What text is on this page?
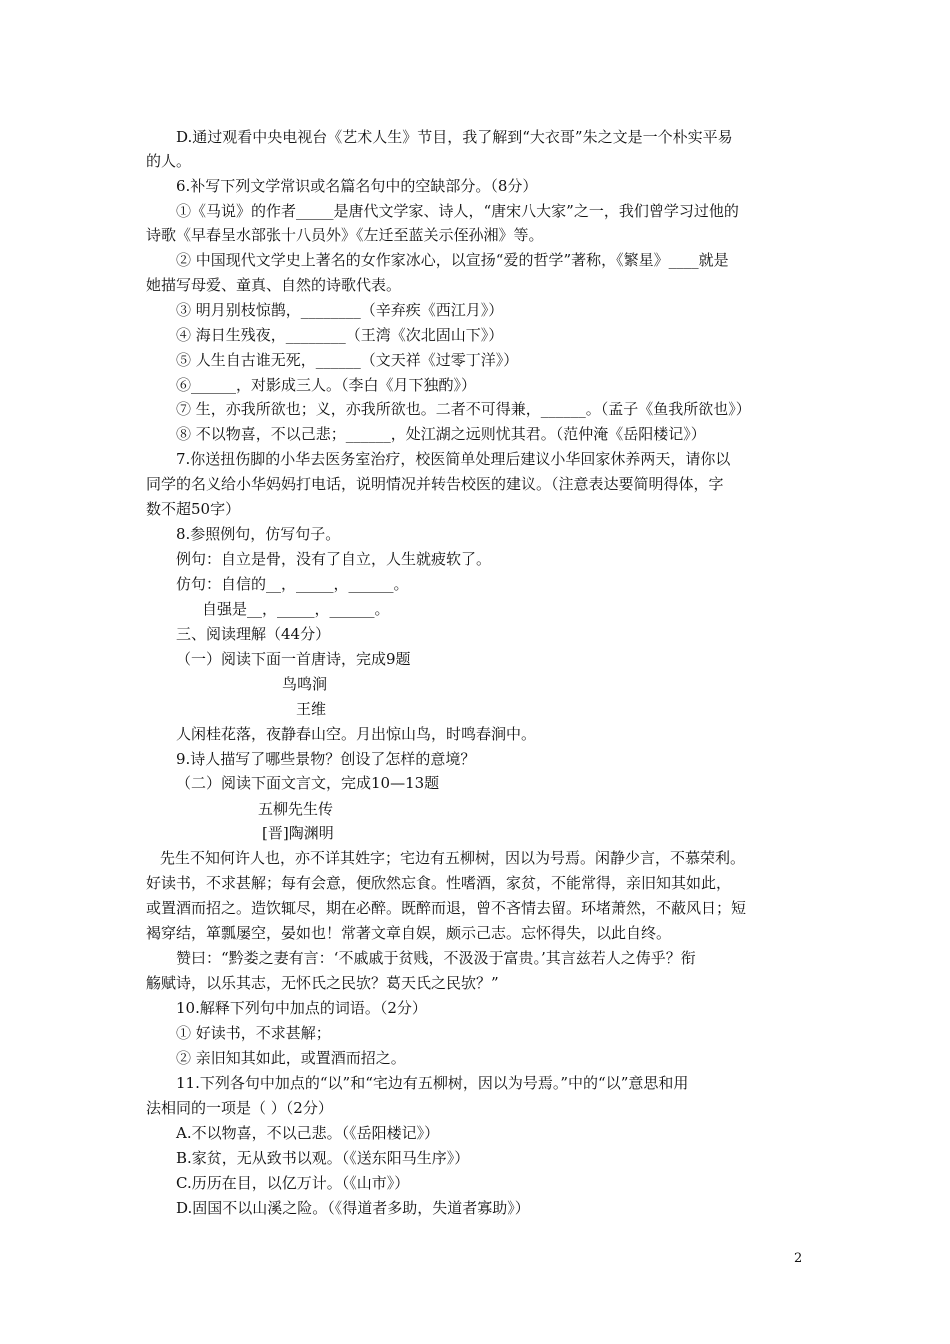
D.通过观看中央电视台《艺术人生》节目，我了解到“大衣哥”朱之文是一个朴实平易
的人。
6.补写下列文学常识或名篇名句中的空缺部分。（8分）
①《马说》的作者_____是唐代文学家、诗人，“唐宋八大家”之一，我们曾学习过他的
诗歌《早春呈水部张十八员外》《左迁至蓝关示侄孙湘》等。
② 中国现代文学史上著名的女作家冰心，以宣扬“爱的哲学”著称，《繁星》____就是
她描写母爱、童真、自然的诗歌代表。
③ 明月别枝惊鹊，________（辛弃疾《西江月》）
④ 海日生残夜，________（王湾《次北固山下》）
⑤ 人生自古谁无死，______（文天祥《过零丁洋》）
⑥______，对影成三人。（李白《月下独酌》）
⑦ 生，亦我所欲也；义，亦我所欲也。二者不可得兼，______。（孟子《鱼我所欲也》）
⑧ 不以物喜，不以己悲；______，处江湖之远则忧其君。（范仲淹《岳阳楼记》）
7.你送扭伤脚的小华去医务室治疗，校医简单处理后建议小华回家休养两天，请你以
同学的名义给小华妈妈打电话，说明情况并转告校医的建议。（注意表达要简明得体，字
数不超50字）
8.参照例句，仿写句子。
例句：自立是骨，没有了自立，人生就疲软了。
仿句：自信的__，_____，______。
自强是__，_____，______。
三、阅读理解（44分）
（一）阅读下面一首唐诗，完成9题
鸟鸣涧
王维
人闲桂花落，夜静春山空。月出惊山鸟，时鸣春涧中。
9.诗人描写了哪些景物？创设了怎样的意境？
（二）阅读下面文言文，完成10—13题
五柳先生传
[晋]陶渊明
先生不知何许人也，亦不详其姓字；宅边有五柳树，因以为号焉。闲静少言，不慕荣利。
好读书，不求甚解；每有会意，便欣然忘食。性嗜酒，家贫，不能常得，亲旧知其如此，
或置酒而招之。造饮辄尽，期在必醉。既醉而退，曾不吝情去留。环堵萧然，不蔽风日；短
褐穿结，箪瓢屡空，晏如也！常著文章自娱，颇示己志。忘怀得失，以此自终。
赞曰：“黔娄之妻有言：‘不戚戚于贫贱，不汲汲于富贵。’其言兹若人之俦乎？衔
觞赋诗，以乐其志，无怀氏之民欤？葛天氏之民欤？”
10.解释下列句中加点的词语。（2分）
① 好读书，不求甚解；
② 亲旧知其如此，或置酒而招之。
11.下列各句中加点的“以”和“宅边有五柳树，因以为号焉。”中的“以”意思和用
法相同的一项是（ ）（2分）
A.不以物喜，不以己悲。（《岳阳楼记》）
B.家贫，无从致书以观。（《送东阳马生序》）
C.历历在目，以亿万计。（《山市》）
D.固国不以山溪之险。（《得道者多助，失道者寡助》）
2
